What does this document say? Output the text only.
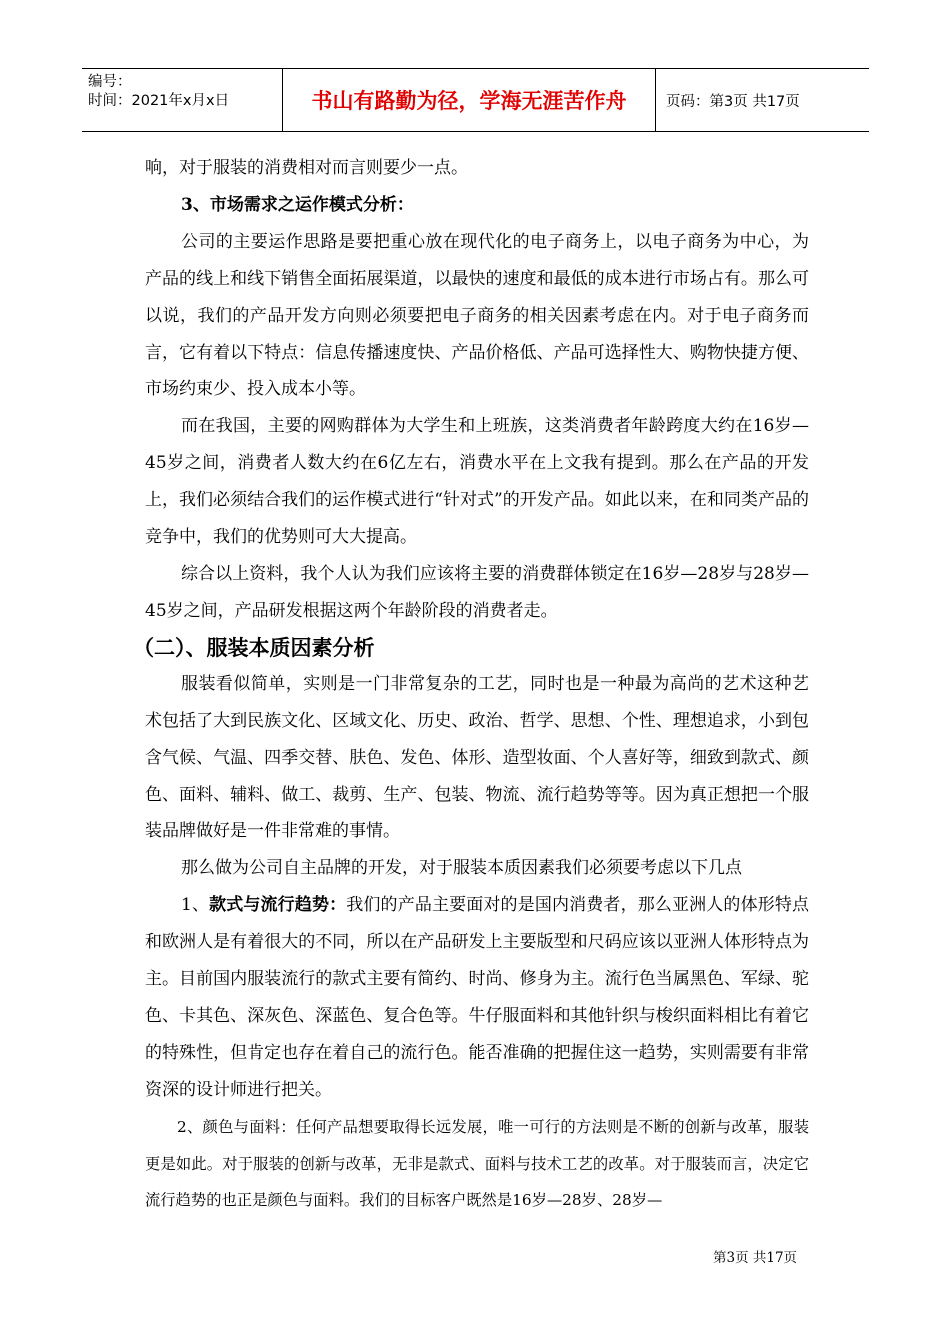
编号：
时间：2021年x月x日	书山有路勤为径，学海无涯苦作舟	页码：第3页 共17页

响，对于服装的消费相对而言则要少一点。

3、市场需求之运作模式分析：

公司的主要运作思路是要把重心放在现代化的电子商务上，以电子商务为中心，为产品的线上和线下销售全面拓展渠道，以最快的速度和最低的成本进行市场占有。那么可以说，我们的产品开发方向则必须要把电子商务的相关因素考虑在内。对于电子商务而言，它有着以下特点：信息传播速度快、产品价格低、产品可选择性大、购物快捷方便、市场约束少、投入成本小等。

而在我国，主要的网购群体为大学生和上班族，这类消费者年龄跨度大约在16岁—45岁之间，消费者人数大约在6亿左右，消费水平在上文我有提到。那么在产品的开发上，我们必须结合我们的运作模式进行“针对式”的开发产品。如此以来，在和同类产品的竞争中，我们的优势则可大大提高。

综合以上资料，我个人认为我们应该将主要的消费群体锁定在16岁—28岁与28岁—45岁之间，产品研发根据这两个年龄阶段的消费者走。

（二）、服装本质因素分析

服装看似简单，实则是一门非常复杂的工艺，同时也是一种最为高尚的艺术这种艺术包括了大到民族文化、区域文化、历史、政治、哲学、思想、个性、理想追求，小到包含气候、气温、四季交替、肤色、发色、体形、造型妆面、个人喜好等，细致到款式、颜色、面料、辅料、做工、裁剪、生产、包装、物流、流行趋势等等。因为真正想把一个服装品牌做好是一件非常难的事情。

那么做为公司自主品牌的开发，对于服装本质因素我们必须要考虑以下几点

1、款式与流行趋势：我们的产品主要面对的是国内消费者，那么亚洲人的体形特点和欧洲人是有着很大的不同，所以在产品研发上主要版型和尺码应该以亚洲人体形特点为主。目前国内服装流行的款式主要有简约、时尚、修身为主。流行色当属黑色、军绿、驼色、卡其色、深灰色、深蓝色、复合色等。牛仔服面料和其他针织与梭织面料相比有着它的特殊性，但肯定也存在着自己的流行色。能否准确的把握住这一趋势，实则需要有非常资深的设计师进行把关。

2、颜色与面料：任何产品想要取得长远发展，唯一可行的方法则是不断的创新与改革，服装更是如此。对于服装的创新与改革，无非是款式、面料与技术工艺的改革。对于服装而言，决定它流行趋势的也正是颜色与面料。我们的目标客户既然是16岁—28岁、28岁—

第3页 共17页
